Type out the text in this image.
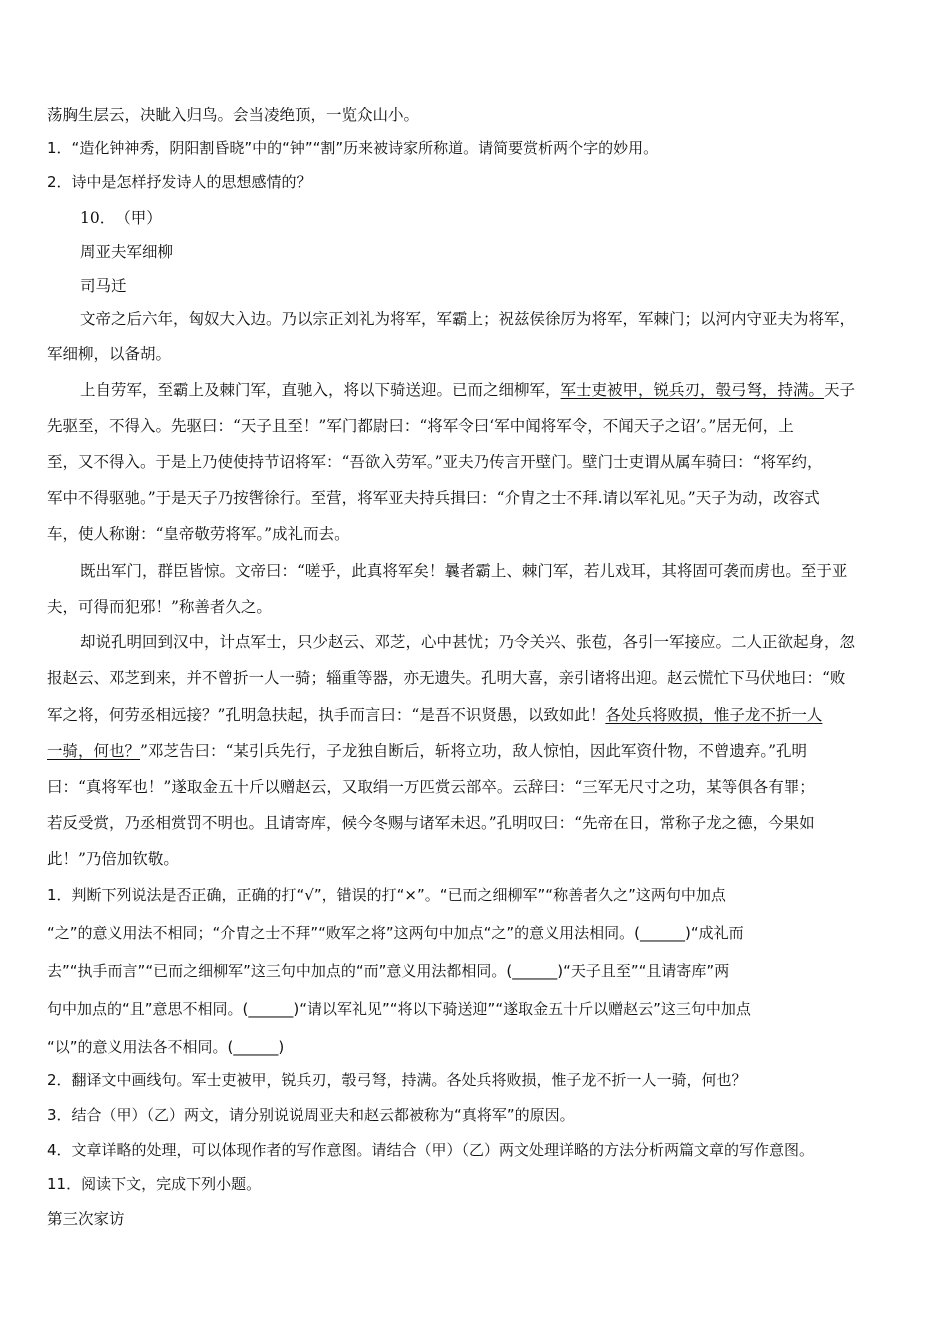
荡胸生层云，决眦入归鸟。会当凌绝顶，一览众山小。
1．“造化钟神秀，阴阳割昏晓”中的“钟”“割”历来被诗家所称道。请简要赏析两个字的妙用。
2．诗中是怎样抒发诗人的思想感情的？
10．　（甲）
周亚夫军细柳
司马迁
文帝之后六年，匈奴大入边。乃以宗正刘礼为将军，军霸上；祝兹侯徐厉为将军，军棘门；以河内守亚夫为将军，
军细柳，以备胡。
上自劳军，至霸上及棘门军，直驰入，将以下骑送迎。已而之细柳军，军士吏被甲，锐兵刃，彀弓弩，持满。天子
先驱至，不得入。先驱曰：“天子且至！”军门都尉曰：“将军令曰‘军中闻将军令，不闻天子之诏’。”居无何，上
至，又不得入。于是上乃使使持节诏将军：“吾欲入劳军。”亚夫乃传言开壁门。壁门士吏谓从属车骑曰：“将军约，
军中不得驱驰。”于是天子乃按辔徐行。至营，将军亚夫持兵揖曰：“介胄之士不拜.请以军礼见。”天子为动，改容式
车，使人称谢：“皇帝敬劳将军。”成礼而去。
既出军门，群臣皆惊。文帝曰：“嗟乎，此真将军矣！曩者霸上、棘门军，若儿戏耳，其将固可袭而虏也。至于亚
夫，可得而犯邪！”称善者久之。
却说孔明回到汉中，计点军士，只少赵云、邓芝，心中甚忧；乃令关兴、张苞，各引一军接应。二人正欲起身，忽
报赵云、邓芝到来，并不曾折一人一骑；辎重等器，亦无遗失。孔明大喜，亲引诸将出迎。赵云慌忙下马伏地曰：“败
军之将，何劳丞相远接？”孔明急扶起，执手而言曰：“是吾不识贤愚，以致如此！各处兵将败损，惟子龙不折一人
一骑，何也？”邓芝告曰：“某引兵先行，子龙独自断后，斩将立功，敌人惊怕，因此军资什物，不曾遗弃。”孔明
曰：“真将军也！”遂取金五十斤以赠赵云，又取绢一万匹赏云部卒。云辞曰：“三军无尺寸之功，某等俱各有罪；
若反受赏，乃丞相赏罚不明也。且请寄库，候今冬赐与诸军未迟。”孔明叹曰：“先帝在日，常称子龙之德，今果如
此！”乃倍加钦敬。
1．判断下列说法是否正确，正确的打“√”，错误的打“×”。“已而之细柳军”“称善者久之”这两句中加点
“之”的意义用法不相同；“介胄之士不拜”“败军之将”这两句中加点“之”的意义用法相同。(______)“成礼而
去”“执手而言”“已而之细柳军”这三句中加点的“而”意义用法都相同。(______)“天子且至”“且请寄库”两
句中加点的“且”意思不相同。(______)“请以军礼见”“将以下骑送迎”“遂取金五十斤以赠赵云”这三句中加点
“以”的意义用法各不相同。(______)
2．翻译文中画线句。军士吏被甲，锐兵刃，彀弓弩，持满。各处兵将败损，惟子龙不折一人一骑，何也？
3．结合（甲）（乙）两文，请分别说说周亚夫和赵云都被称为“真将军”的原因。
4．文章详略的处理，可以体现作者的写作意图。请结合（甲）（乙）两文处理详略的方法分析两篇文章的写作意图。
11．阅读下文，完成下列小题。
第三次家访
